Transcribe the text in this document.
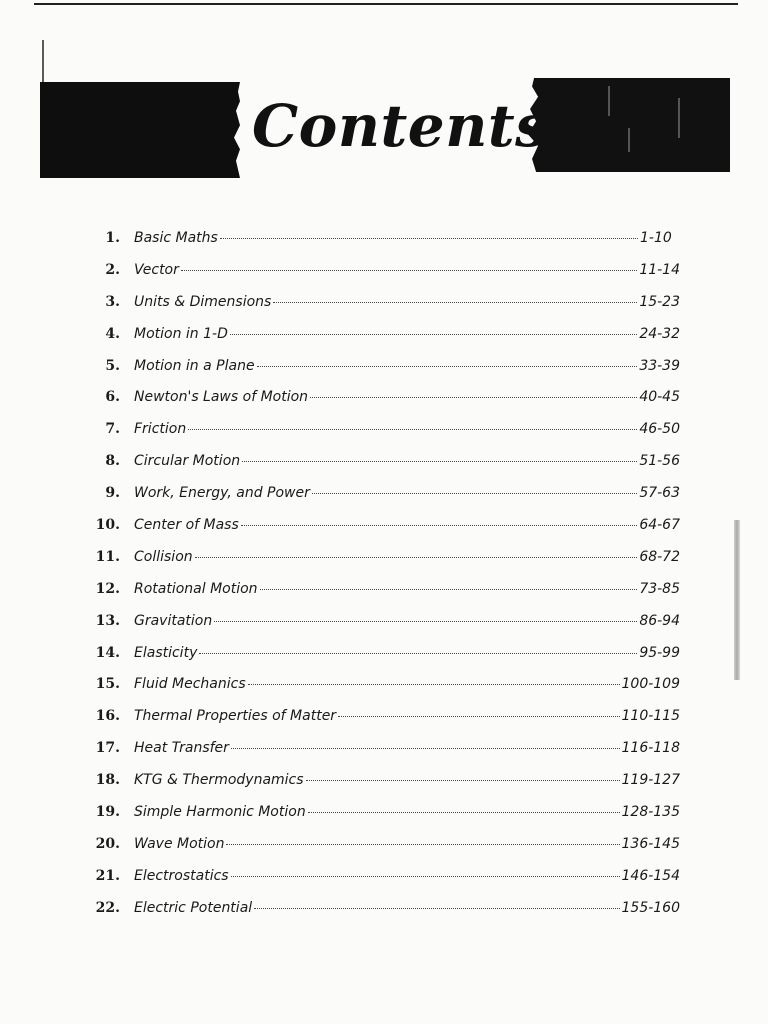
Contents
1.	Basic Maths	1-10
2.	Vector	11-14
3.	Units & Dimensions	15-23
4.	Motion in 1-D	24-32
5.	Motion in a Plane	33-39
6.	Newton's Laws of Motion	40-45
7.	Friction	46-50
8.	Circular Motion	51-56
9.	Work, Energy, and Power	57-63
10.	Center of Mass	64-67
11.	Collision	68-72
12.	Rotational Motion	73-85
13.	Gravitation	86-94
14.	Elasticity	95-99
15.	Fluid Mechanics	100-109
16.	Thermal Properties of Matter	110-115
17.	Heat Transfer	116-118
18.	KTG & Thermodynamics	119-127
19.	Simple Harmonic Motion	128-135
20.	Wave Motion	136-145
21.	Electrostatics	146-154
22.	Electric Potential	155-160
